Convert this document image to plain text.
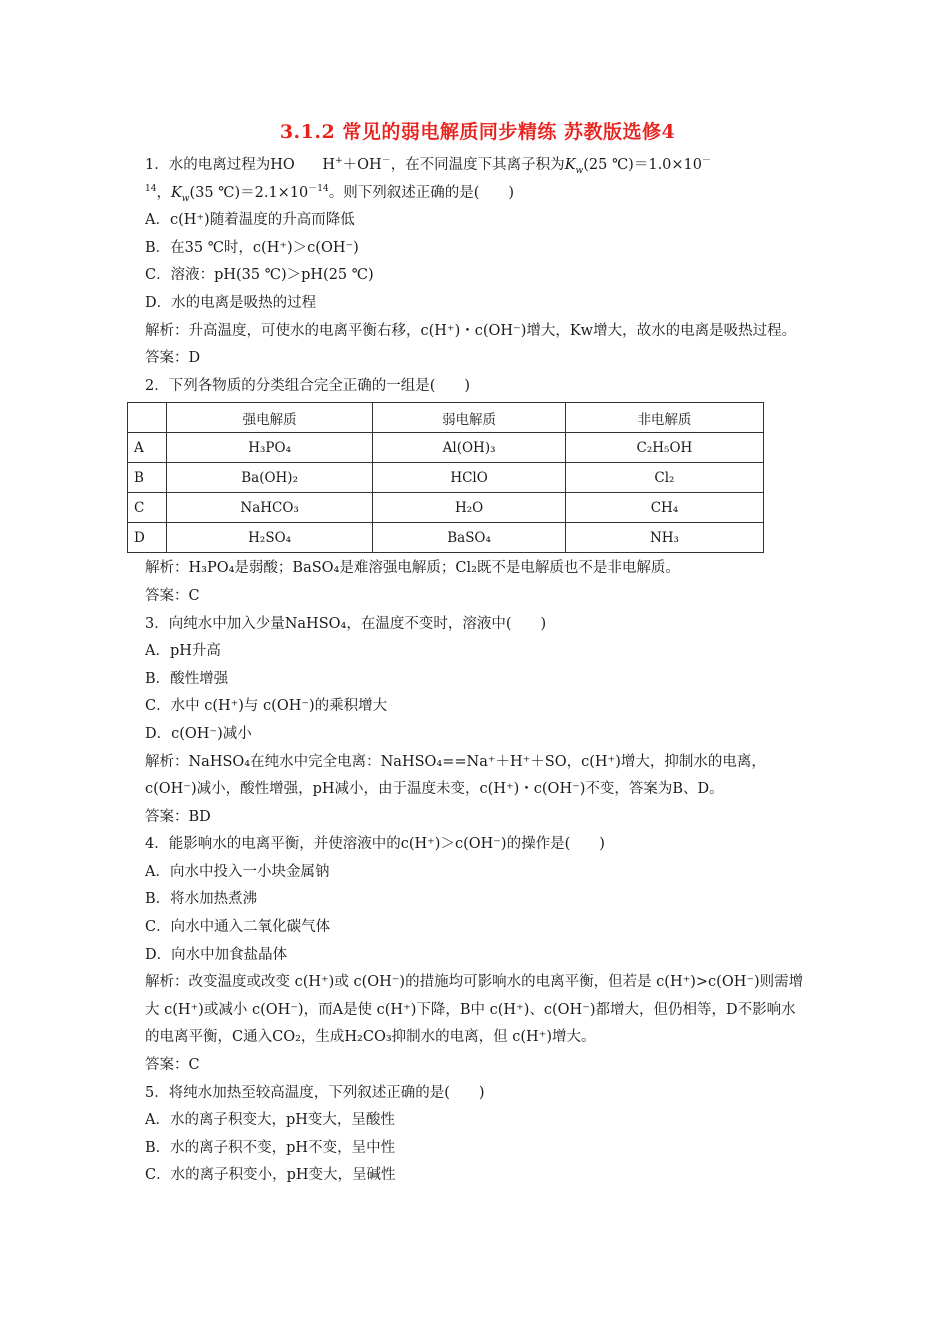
3.1.2 常见的弱电解质同步精练 苏教版选修4
1．水的电离过程为HO H+＋OH－，在不同温度下其离子积为$K_w(25$ ℃)＝1.0×10－
$^{14}$，$K_w(35$ $℃)=2.1\times 10^{-14}$。则下列叙述正确的是(　　)
A．c(H⁺)随着温度的升高而降低
B．在35 ℃时，c(H⁺)＞c(OH⁻)
C．溶液：pH(35 ℃)＞pH(25 ℃)
D．水的电离是吸热的过程
解析：升高温度，可使水的电离平衡右移，c(H⁺)・c(OH⁻)增大，Kw增大，故水的电离是吸热过程。
答案：D
2．下列各物质的分类组合完全正确的一组是(　　)
	强电解质	弱电解质	非电解质
A	H₃PO₄	Al(OH)₃	C₂H₅OH
B	Ba(OH)₂	HClO	Cl₂
C	NaHCO₃	H₂O	CH₄
D	H₂SO₄	BaSO₄	NH₃
解析：H₃PO₄是弱酸；BaSO₄是难溶强电解质；Cl₂既不是电解质也不是非电解质。
答案：C
3．向纯水中加入少量NaHSO₄，在温度不变时，溶液中(　　)
A．pH升高
B．酸性增强
C．水中 c(H⁺)与 c(OH⁻)的乘积增大
D．c(OH⁻)减小
解析：NaHSO₄在纯水中完全电离：NaHSO₄==Na⁺＋H⁺＋SO，c(H⁺)增大，抑制水的电离，c(OH⁻)减小，酸性增强，pH减小，由于温度未变，c(H⁺)・c(OH⁻)不变，答案为B、D。
答案：BD
4．能影响水的电离平衡，并使溶液中的c(H⁺)＞c(OH⁻)的操作是(　　)
A．向水中投入一小块金属钠
B．将水加热煮沸
C．向水中通入二氧化碳气体
D．向水中加食盐晶体
解析：改变温度或改变 c(H⁺)或 c(OH⁻)的措施均可影响水的电离平衡，但若是 c(H⁺)>c(OH⁻)则需增大 c(H⁺)或减小 c(OH⁻)，而A是使 c(H⁺)下降，B中 c(H⁺)、c(OH⁻)都增大，但仍相等，D不影响水的电离平衡，C通入CO₂，生成H₂CO₃抑制水的电离，但 c(H⁺)增大。
答案：C
5．将纯水加热至较高温度，下列叙述正确的是(　　)
A．水的离子积变大，pH变大，呈酸性
B．水的离子积不变，pH不变，呈中性
C．水的离子积变小，pH变大，呈碱性
